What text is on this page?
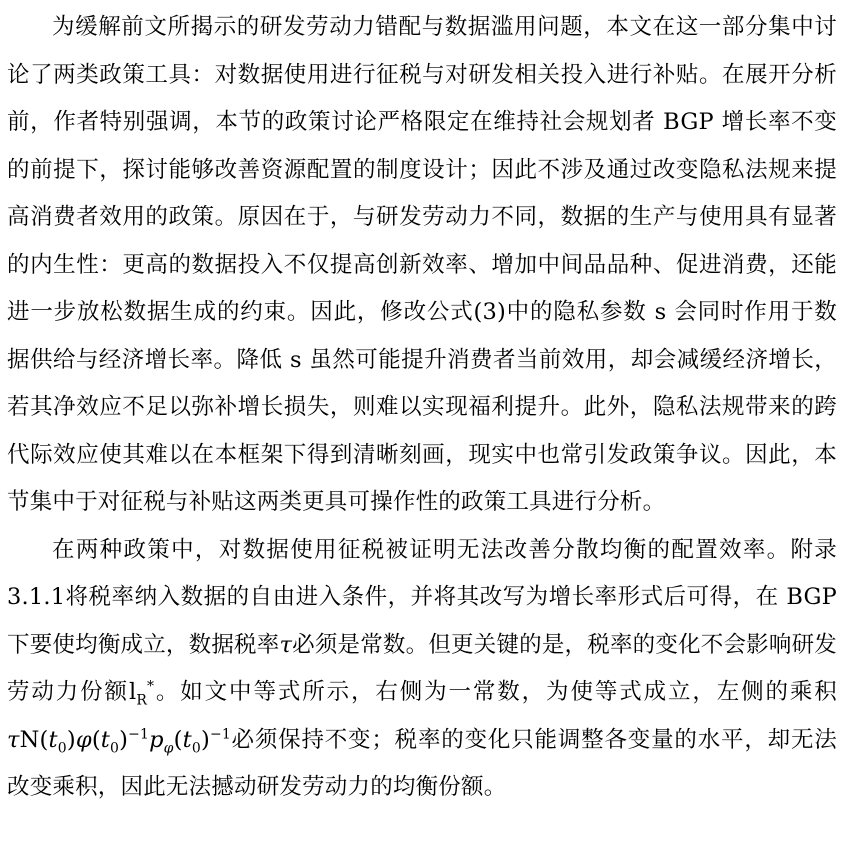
为缓解前文所揭示的研发劳动力错配与数据滥用问题，本文在这一部分集中讨论了两类政策工具：对数据使用进行征税与对研发相关投入进行补贴。在展开分析前，作者特别强调，本节的政策讨论严格限定在维持社会规划者 BGP 增长率不变的前提下，探讨能够改善资源配置的制度设计；因此不涉及通过改变隐私法规来提高消费者效用的政策。原因在于，与研发劳动力不同，数据的生产与使用具有显著的内生性：更高的数据投入不仅提高创新效率、增加中间品品种、促进消费，还能进一步放松数据生成的约束。因此，修改公式(3)中的隐私参数 s 会同时作用于数据供给与经济增长率。降低 s 虽然可能提升消费者当前效用，却会减缓经济增长，若其净效应不足以弥补增长损失，则难以实现福利提升。此外，隐私法规带来的跨代际效应使其难以在本框架下得到清晰刻画，现实中也常引发政策争议。因此，本节集中于对征税与补贴这两类更具可操作性的政策工具进行分析。

在两种政策中，对数据使用征税被证明无法改善分散均衡的配置效率。附录3.1.1将税率纳入数据的自由进入条件，并将其改写为增长率形式后可得，在 BGP 下要使均衡成立，数据税率τ必须是常数。但更关键的是，税率的变化不会影响研发劳动力份额$l_R^*$。如文中等式所示，右侧为一常数，为使等式成立，左侧的乘积$\tau N(t_0)\varphi(t_0)^{-1}p_\varphi(t_0)^{-1}$必须保持不变；税率的变化只能调整各变量的水平，却无法改变乘积，因此无法撼动研发劳动力的均衡份额。
